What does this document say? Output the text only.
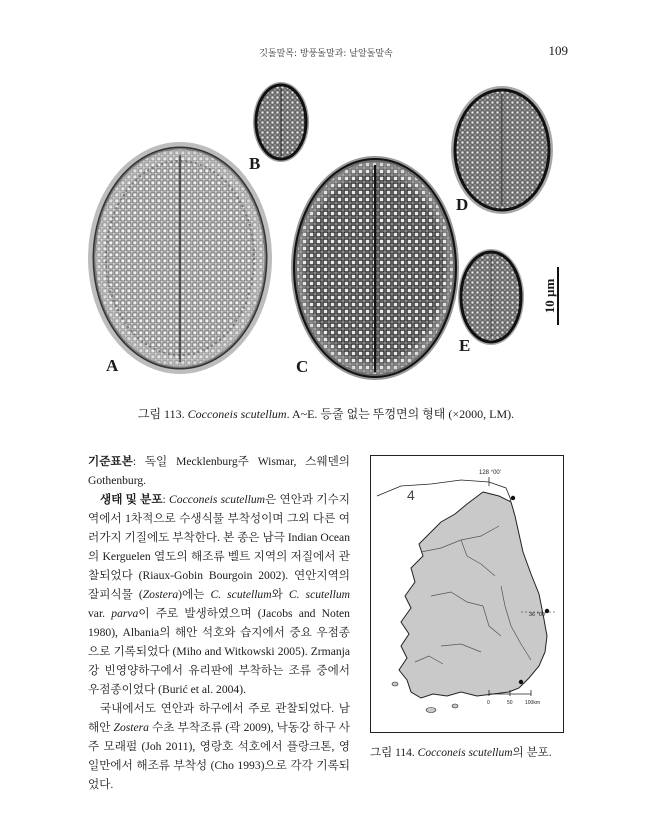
깃돌말목: 방풍돌말과: 날알돌말속	109
A
B
C
D
E
10 µm
그림 113. Cocconeis scutellum. A~E. 등줄 없는 뚜껑면의 형태 (×2000, LM).

기준표본: 독일 Mecklenburg주 Wismar, 스웨덴의 Gothenburg.

생태 및 분포: Cocconeis scutellum은 연안과 기수지역에서 1차적으로 수생식물 부착성이며 그외 다른 여러가지 기질에도 부착한다. 본 종은 남극 Indian Ocean의 Kerguelen 열도의 해조류 벨트 지역의 저질에서 관찰되었다 (Riaux-Gobin Bourgoin 2002). 연안지역의 잘피식물 (Zostera)에는 C. scutellum와 C. scutellum var. parva이 주로 발생하였으며 (Jacobs and Noten 1980), Albania의 해안 석호와 습지에서 중요 우점종으로 기록되었다 (Miho and Witkowski 2005). Zrmanja강 빈영양하구에서 유리판에 부착하는 조류 중에서 우점종이었다 (Burić et al. 2004).

국내에서도 연안과 하구에서 주로 관찰되었다. 남해안 Zostera 수초 부착조류 (곽 2009), 낙동강 하구 사주 모래펄 (Joh 2011), 영랑호 석호에서 플랑크톤, 영일만에서 해조류 부착성 (Cho 1993)으로 각각 기록되었다.

128 °00'
4
36 °00'
0	50 100km
그림 114. Cocconeis scutellum의 분포.
